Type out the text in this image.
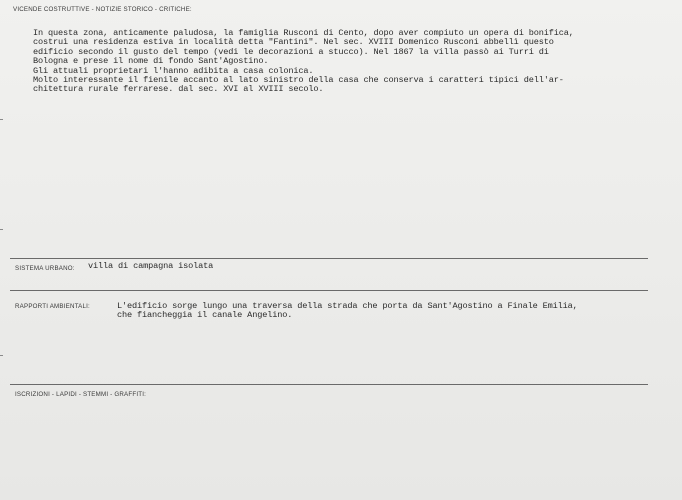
VICENDE COSTRUTTIVE - NOTIZIE STORICO - CRITICHE:
In questa zona, anticamente paludosa, la famiglia Rusconi di Cento, dopo aver compiuto un opera di bonifica,
costruì una residenza estiva in località detta "Fantini". Nel sec. XVIII Domenico Rusconi abbellì questo
edificio secondo il gusto del tempo (vedi le decorazioni a stucco). Nel 1867 la villa passò ai Turri di
Bologna e prese il nome di fondo Sant'Agostino.
Gli attuali proprietari l'hanno adibita a casa colonica.
Molto interessante il fienile accanto al lato sinistro della casa che conserva i caratteri tipici dell'ar-
chitettura rurale ferrarese. dal sec. XVI al XVIII secolo.
SISTEMA URBANO: villa di campagna isolata
RAPPORTI AMBIENTALI:	L'edificio sorge lungo una traversa della strada che porta da Sant'Agostino a Finale Emilia,
che fiancheggia il canale Angelino.
ISCRIZIONI - LAPIDI - STEMMI - GRAFFITI:
